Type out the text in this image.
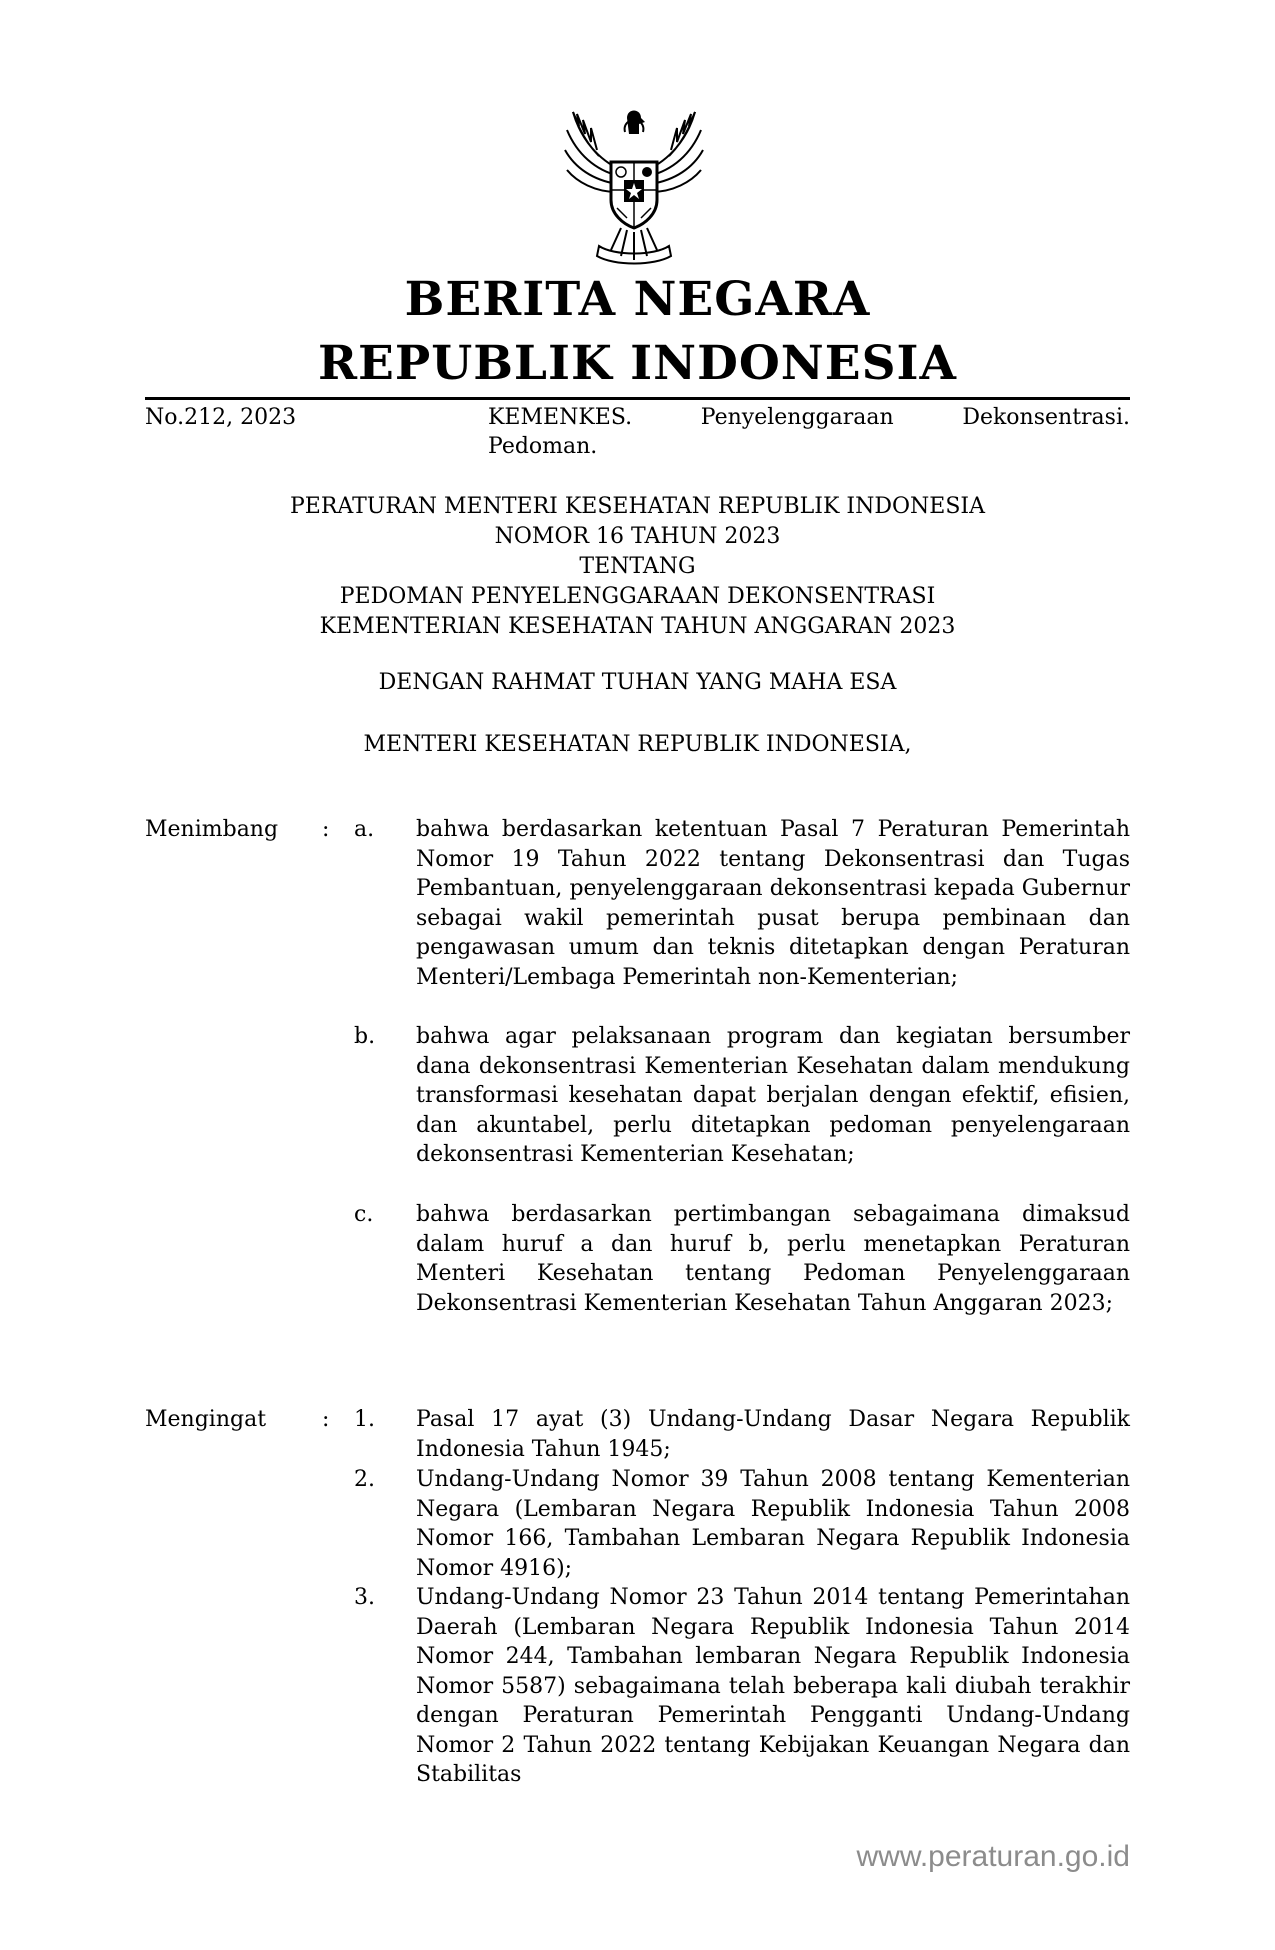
BERITA NEGARA
REPUBLIK INDONESIA
No.212, 2023	KEMENKES.	Penyelenggaraan	Dekonsentrasi.
Pedoman.
PERATURAN MENTERI KESEHATAN REPUBLIK INDONESIA
NOMOR 16 TAHUN 2023
TENTANG
PEDOMAN PENYELENGGARAAN DEKONSENTRASI
KEMENTERIAN KESEHATAN TAHUN ANGGARAN 2023
DENGAN RAHMAT TUHAN YANG MAHA ESA
MENTERI KESEHATAN REPUBLIK INDONESIA,
Menimbang : a. bahwa berdasarkan ketentuan Pasal 7 Peraturan Pemerintah Nomor 19 Tahun 2022 tentang Dekonsentrasi dan Tugas Pembantuan, penyelenggaraan dekonsentrasi kepada Gubernur sebagai wakil pemerintah pusat berupa pembinaan dan pengawasan umum dan teknis ditetapkan dengan Peraturan Menteri/Lembaga Pemerintah non-Kementerian;
b. bahwa agar pelaksanaan program dan kegiatan bersumber dana dekonsentrasi Kementerian Kesehatan dalam mendukung transformasi kesehatan dapat berjalan dengan efektif, efisien, dan akuntabel, perlu ditetapkan pedoman penyelengaraan dekonsentrasi Kementerian Kesehatan;
c. bahwa berdasarkan pertimbangan sebagaimana dimaksud dalam huruf a dan huruf b, perlu menetapkan Peraturan Menteri Kesehatan tentang Pedoman Penyelenggaraan Dekonsentrasi Kementerian Kesehatan Tahun Anggaran 2023;
Mengingat	: 1. Pasal 17 ayat (3) Undang-Undang Dasar Negara Republik Indonesia Tahun 1945;
2. Undang-Undang Nomor 39 Tahun 2008 tentang Kementerian Negara (Lembaran Negara Republik Indonesia Tahun 2008 Nomor 166, Tambahan Lembaran Negara Republik Indonesia Nomor 4916);
3. Undang-Undang Nomor 23 Tahun 2014 tentang Pemerintahan Daerah (Lembaran Negara Republik Indonesia Tahun 2014 Nomor 244, Tambahan lembaran Negara Republik Indonesia Nomor 5587) sebagaimana telah beberapa kali diubah terakhir dengan Peraturan Pemerintah Pengganti Undang-Undang Nomor 2 Tahun 2022 tentang Kebijakan Keuangan Negara dan Stabilitas
www.peraturan.go.id
